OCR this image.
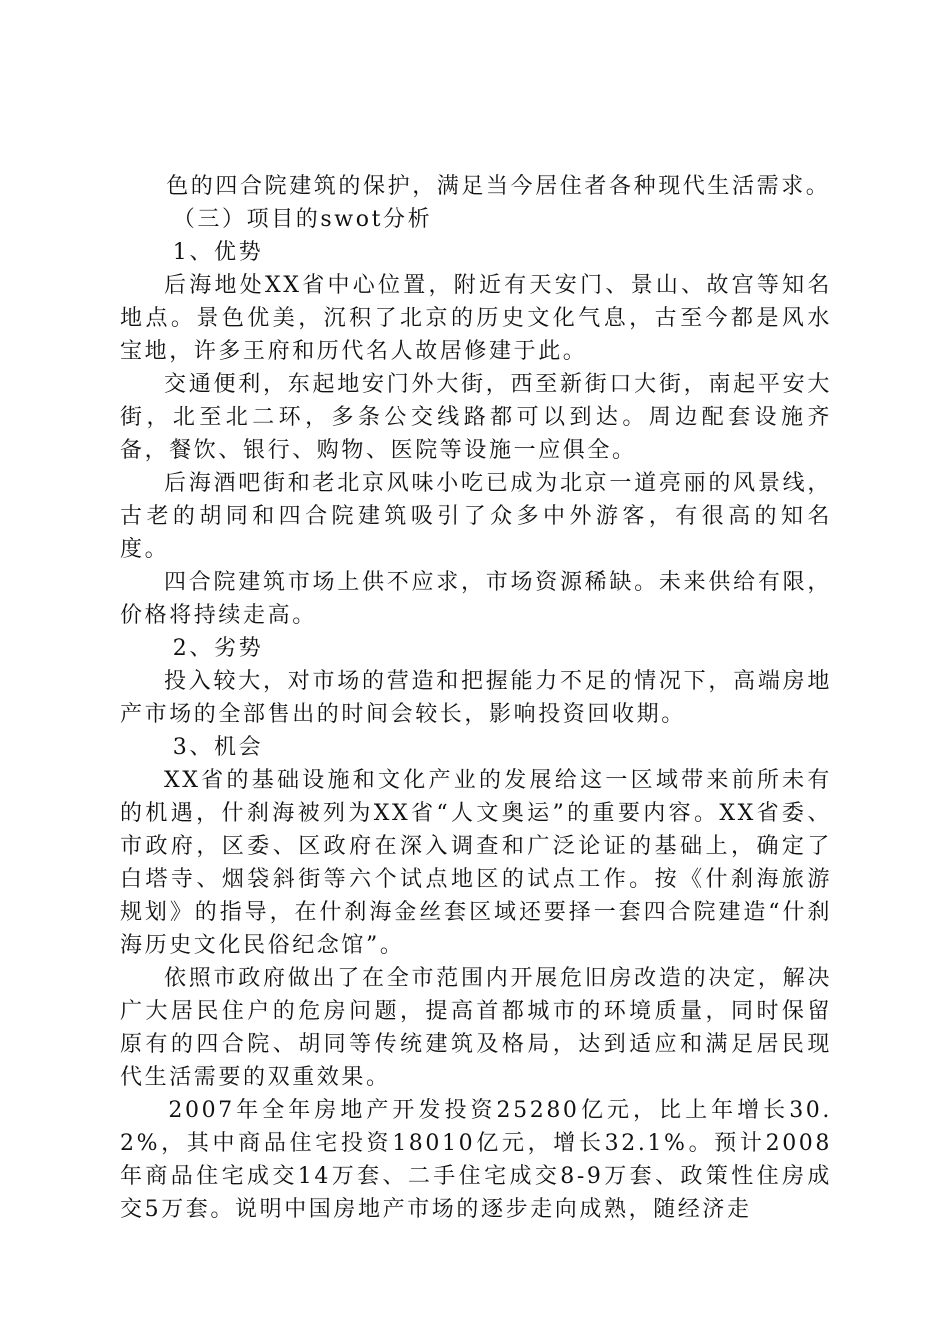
色的四合院建筑的保护，满足当今居住者各种现代生活需求。

（三）项目的swot分析

1、优势

后海地处XX省中心位置，附近有天安门、景山、故宫等知名地点。景色优美，沉积了北京的历史文化气息，古至今都是风水宝地，许多王府和历代名人故居修建于此。

交通便利，东起地安门外大街，西至新街口大街，南起平安大街，北至北二环，多条公交线路都可以到达。周边配套设施齐备，餐饮、银行、购物、医院等设施一应俱全。

后海酒吧街和老北京风味小吃已成为北京一道亮丽的风景线，古老的胡同和四合院建筑吸引了众多中外游客，有很高的知名度。

四合院建筑市场上供不应求，市场资源稀缺。未来供给有限，价格将持续走高。

2、劣势

投入较大，对市场的营造和把握能力不足的情况下，高端房地产市场的全部售出的时间会较长，影响投资回收期。

3、机会

XX省的基础设施和文化产业的发展给这一区域带来前所未有的机遇，什刹海被列为XX省“人文奥运”的重要内容。XX省委、市政府，区委、区政府在深入调查和广泛论证的基础上，确定了白塔寺、烟袋斜街等六个试点地区的试点工作。按《什刹海旅游规划》的指导，在什刹海金丝套区域还要择一套四合院建造“什刹海历史文化民俗纪念馆”。

依照市政府做出了在全市范围内开展危旧房改造的决定，解决广大居民住户的危房问题，提高首都城市的环境质量，同时保留原有的四合院、胡同等传统建筑及格局，达到适应和满足居民现代生活需要的双重效果。

2007年全年房地产开发投资25280亿元，比上年增长30.2%，其中商品住宅投资18010亿元，增长32.1%。预计2008年商品住宅成交14万套、二手住宅成交8-9万套、政策性住房成交5万套。说明中国房地产市场的逐步走向成熟，随经济走
